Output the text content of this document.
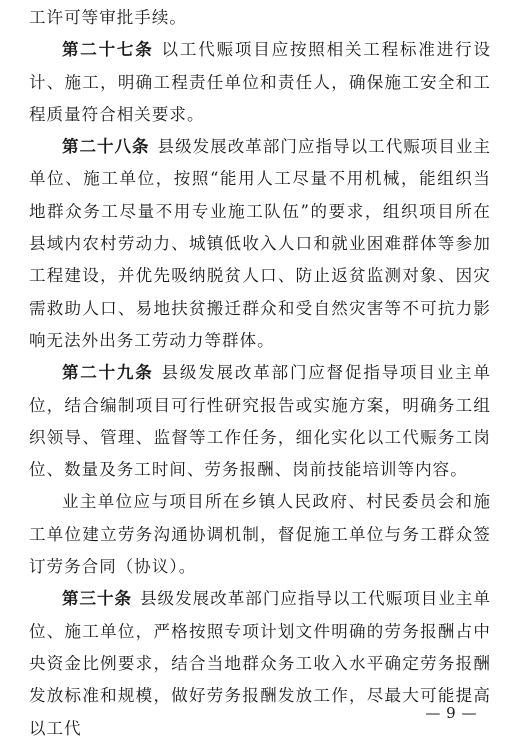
工许可等审批手续。

第二十七条 以工代赈项目应按照相关工程标准进行设计、施工，明确工程责任单位和责任人，确保施工安全和工程质量符合相关要求。

第二十八条 县级发展改革部门应指导以工代赈项目业主单位、施工单位，按照“能用人工尽量不用机械，能组织当地群众务工尽量不用专业施工队伍”的要求，组织项目所在县域内农村劳动力、城镇低收入人口和就业困难群体等参加工程建设，并优先吸纳脱贫人口、防止返贫监测对象、因灾需救助人口、易地扶贫搬迁群众和受自然灾害等不可抗力影响无法外出务工劳动力等群体。

第二十九条 县级发展改革部门应督促指导项目业主单位，结合编制项目可行性研究报告或实施方案，明确务工组织领导、管理、监督等工作任务，细化实化以工代赈务工岗位、数量及务工时间、劳务报酬、岗前技能培训等内容。

业主单位应与项目所在乡镇人民政府、村民委员会和施工单位建立劳务沟通协调机制，督促施工单位与务工群众签订劳务合同（协议）。

第三十条 县级发展改革部门应指导以工代赈项目业主单位、施工单位，严格按照专项计划文件明确的劳务报酬占中央资金比例要求，结合当地群众务工收入水平确定劳务报酬发放标准和规模，做好劳务报酬发放工作，尽最大可能提高以工代

— 9 —
